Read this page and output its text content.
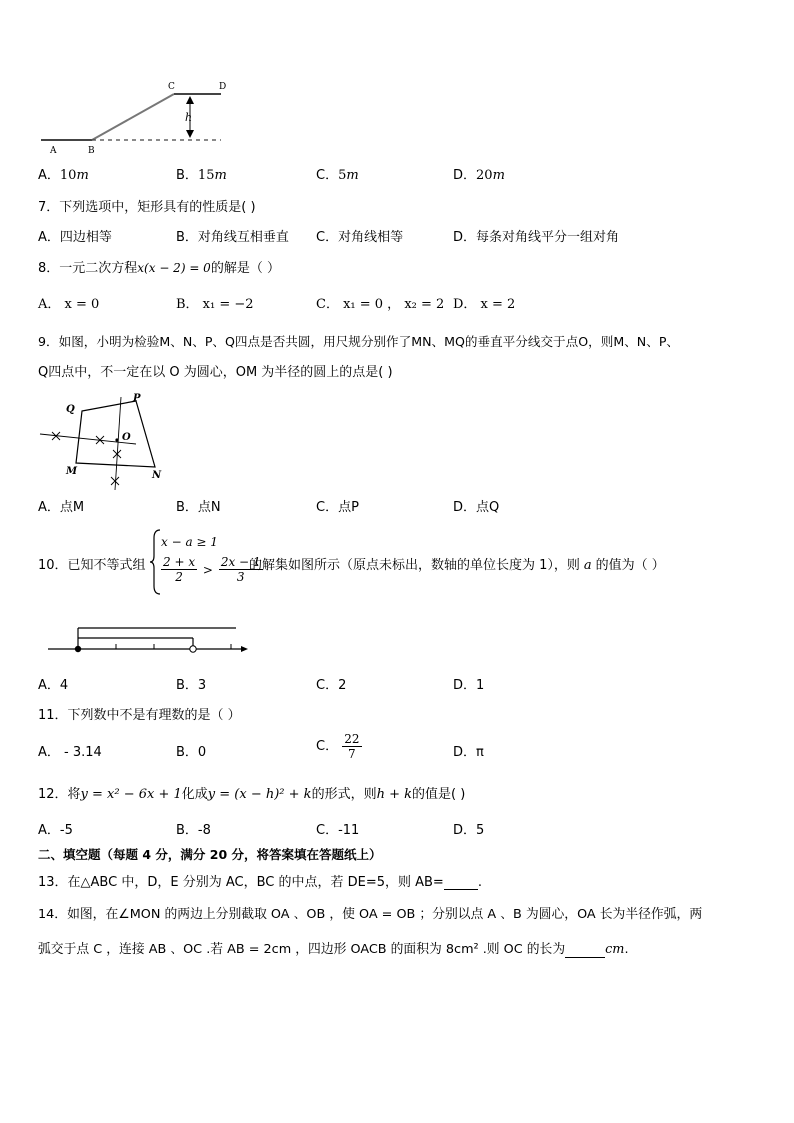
h
A	B
C	D
A．10m	B．15m	C．5m	D．20m
7．下列选项中，矩形具有的性质是( )
A．四边相等	B．对角线互相垂直 C．对角线相等	D．每条对角线平分一组对角
8．一元二次方程x(x − 2) = 0的解是（ ）
A． x = 0	B． x₁ = −2	C． x₁ = 0 ， x₂ = 2 D． x = 2
9．如图，小明为检验M、N、P、Q四点是否共圆，用尺规分别作了MN、MQ的垂直平分线交于点O，则M、N、P、
Q四点中，不一定在以 O 为圆心，OM 为半径的圆上的点是( )
Q
P
O
M	N
A．点M	B．点N	C．点P	D．点Q
10．已知不等式组
x − a ≥ 1
$\frac{2 + x}{2} > \frac{2x - 1}{3}$
的解集如图所示（原点未标出，数轴的单位长度为 1），则 a 的值为（ ）
A．4	B．3	C．2	D．1
11．下列数中不是有理数的是（ ）
A． - 3.14	B．0	C． $\frac{22}{7}$	D．π
12．将y = x² − 6x + 1化成y = (x − h)² + k的形式，则h + k的值是( )
A．-5	B．-8	C．-11	D．5
二、填空题（每题 4 分，满分 20 分，将答案填在答题纸上）
13．在△ABC 中，D，E 分别为 AC，BC 的中点，若 DE=5，则 AB=	.
14．如图，在∠MON 的两边上分别截取 OA 、OB ，使 OA = OB ；分别以点 A 、B 为圆心，OA 长为半径作弧，两
弧交于点 C ，连接 AB 、OC .若 AB = 2cm ，四边形 OACB 的面积为 8cm² .则 OC 的长为	cm.
